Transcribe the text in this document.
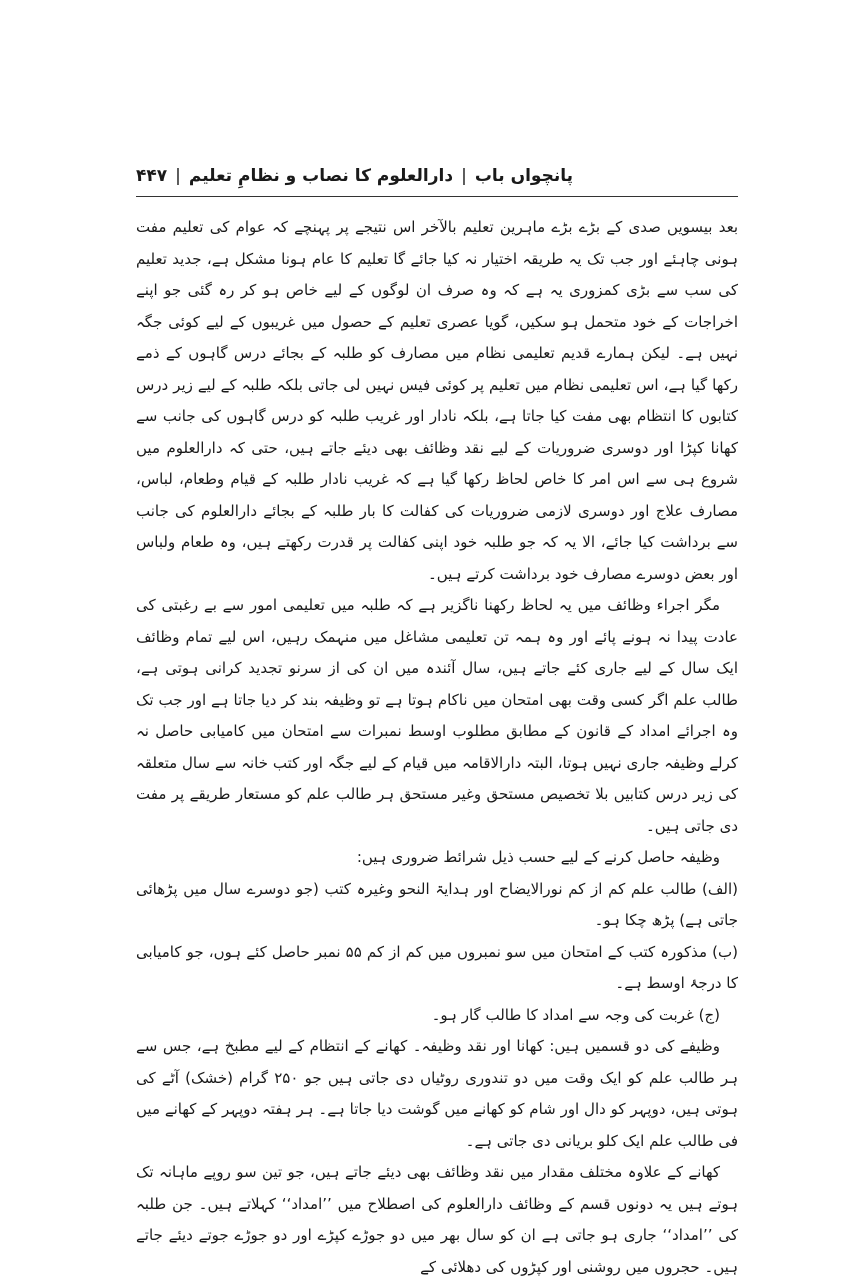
پانچواں باب
|
دارالعلوم کا نصاب و نظامِ تعلیم
|
۴۴۷

بعد بیسویں صدی کے بڑے بڑے ماہرین تعلیم بالآخر اس نتیجے پر پہنچے کہ عوام کی تعلیم مفت ہونی چاہئے اور جب تک یہ طریقہ اختیار نہ کیا جائے گا تعلیم کا عام ہونا مشکل ہے، جدید تعلیم کی سب سے بڑی کمزوری یہ ہے کہ وہ صرف ان لوگوں کے لیے خاص ہو کر رہ گئی جو اپنے اخراجات کے خود متحمل ہو سکیں، گویا عصری تعلیم کے حصول میں غریبوں کے لیے کوئی جگہ نہیں ہے۔ لیکن ہمارے قدیم تعلیمی نظام میں مصارف کو طلبہ کے بجائے درس گاہوں کے ذمے رکھا گیا ہے، اس تعلیمی نظام میں تعلیم پر کوئی فیس نہیں لی جاتی بلکہ طلبہ کے لیے زیر درس کتابوں کا انتظام بھی مفت کیا جاتا ہے، بلکہ نادار اور غریب طلبہ کو درس گاہوں کی جانب سے کھانا کپڑا اور دوسری ضروریات کے لیے نقد وظائف بھی دیئے جاتے ہیں، حتی کہ دارالعلوم میں شروع ہی سے اس امر کا خاص لحاظ رکھا گیا ہے کہ غریب نادار طلبہ کے قیام وطعام، لباس، مصارف علاج اور دوسری لازمی ضروریات کی کفالت کا بار طلبہ کے بجائے دارالعلوم کی جانب سے برداشت کیا جائے، الا یہ کہ جو طلبہ خود اپنی کفالت پر قدرت رکھتے ہیں، وہ طعام ولباس اور بعض دوسرے مصارف خود برداشت کرتے ہیں۔

مگر اجراء وظائف میں یہ لحاظ رکھنا ناگزیر ہے کہ طلبہ میں تعلیمی امور سے بے رغبتی کی عادت پیدا نہ ہونے پائے اور وہ ہمہ تن تعلیمی مشاغل میں منہمک رہیں، اس لیے تمام وظائف ایک سال کے لیے جاری کئے جاتے ہیں، سال آئندہ میں ان کی از سرنو تجدید کرانی ہوتی ہے، طالب علم اگر کسی وقت بھی امتحان میں ناکام ہوتا ہے تو وظیفہ بند کر دیا جاتا ہے اور جب تک وہ اجرائے امداد کے قانون کے مطابق مطلوب اوسط نمبرات سے امتحان میں کامیابی حاصل نہ کرلے وظیفہ جاری نہیں ہوتا، البتہ دارالاقامہ میں قیام کے لیے جگہ اور کتب خانہ سے سال متعلقہ کی زیر درس کتابیں بلا تخصیص مستحق وغیر مستحق ہر طالب علم کو مستعار طریقے پر مفت دی جاتی ہیں۔

وظیفہ حاصل کرنے کے لیے حسب ذیل شرائط ضروری ہیں:

(الف) طالب علم کم از کم نورالایضاح اور ہدایۃ النحو وغیرہ کتب (جو دوسرے سال میں پڑھائی جاتی ہے) پڑھ چکا ہو۔

(ب) مذکورہ کتب کے امتحان میں سو نمبروں میں کم از کم ۵۵ نمبر حاصل کئے ہوں، جو کامیابی کا درجۂ اوسط ہے۔

(ج) غربت کی وجہ سے امداد کا طالب گار ہو۔

وظیفے کی دو قسمیں ہیں: کھانا اور نقد وظیفہ۔ کھانے کے انتظام کے لیے مطبخ ہے، جس سے ہر طالب علم کو ایک وقت میں دو تندوری روٹیاں دی جاتی ہیں جو ۲۵۰ گرام (خشک) آٹے کی ہوتی ہیں، دوپہر کو دال اور شام کو کھانے میں گوشت دیا جاتا ہے۔ ہر ہفتہ دوپہر کے کھانے میں فی طالب علم ایک کلو بریانی دی جاتی ہے۔

کھانے کے علاوہ مختلف مقدار میں نقد وظائف بھی دیئے جاتے ہیں، جو تین سو روپے ماہانہ تک ہوتے ہیں یہ دونوں قسم کے وظائف دارالعلوم کی اصطلاح میں ’’امداد‘‘ کہلاتے ہیں۔ جن طلبہ کی ’’امداد‘‘ جاری ہو جاتی ہے ان کو سال بھر میں دو جوڑے کپڑے اور دو جوڑے جوتے دیئے جاتے ہیں۔ حجروں میں روشنی اور کپڑوں کی دھلائی کے
